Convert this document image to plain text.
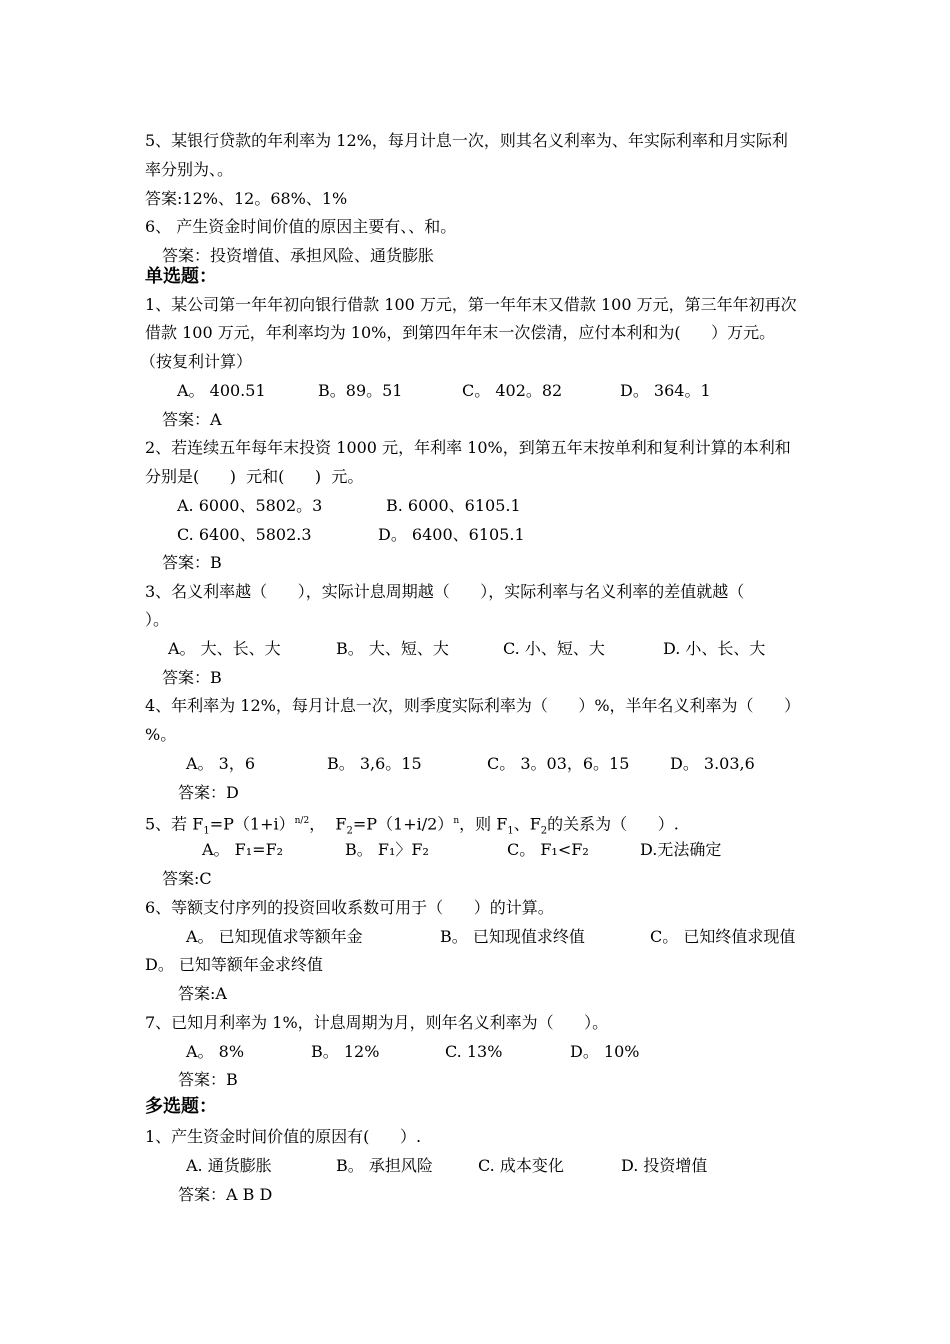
5、某银行贷款的年利率为 12%，每月计息一次，则其名义利率为、年实际利率和月实际利
率分别为、。
答案:12%、12。68%、1%
6、 产生资金时间价值的原因主要有、、和。
答案：投资增值、承担风险、通货膨胀
单选题：
1、某公司第一年年初向银行借款 100 万元，第一年年末又借款 100 万元，第三年年初再次
借款 100 万元，年利率均为 10%，到第四年年末一次偿清，应付本利和为(      ）万元。
（按复利计算）
A。 400.51	B。89。51	C。 402。82	D。 364。1
答案：A
2、若连续五年每年末投资 1000 元，年利率 10%，到第五年末按单利和复利计算的本利和
分别是(      )  元和(      )  元。
A. 6000、5802。3	B. 6000、6105.1
C. 6400、5802.3	D。 6400、6105.1
答案：B
3、名义利率越（      ），实际计息周期越（      ），实际利率与名义利率的差值就越（
）。
A。 大、长、大	B。 大、短、大	C. 小、短、大	D. 小、长、大
答案：B
4、年利率为 12%，每月计息一次，则季度实际利率为（      ）%，半年名义利率为（      ）
%。
A。 3，6	B。 3,6。15	C。 3。03，6。15	D。 3.03,6
答案：D
5、若 $F_1=P(1+i)^{n/2}$，  $F_2=P(1+i/2)^n$，则 $F_1$、$F_2$的关系为（      ）.
A。 F₁=F₂	B。 F₁〉F₂	C。 F₁<F₂	D.无法确定
答案:C
6、等额支付序列的投资回收系数可用于（      ）的计算。
A。 已知现值求等额年金	B。 已知现值求终值	C。 已知终值求现值
D。 已知等额年金求终值
答案:A
7、已知月利率为 1%，计息周期为月，则年名义利率为（      ）。
A。 8%	B。 12%	C. 13%	D。 10%
答案：B
多选题：
1、产生资金时间价值的原因有(      ）.
A. 通货膨胀	B。 承担风险	C. 成本变化	D. 投资增值
答案：A B D
